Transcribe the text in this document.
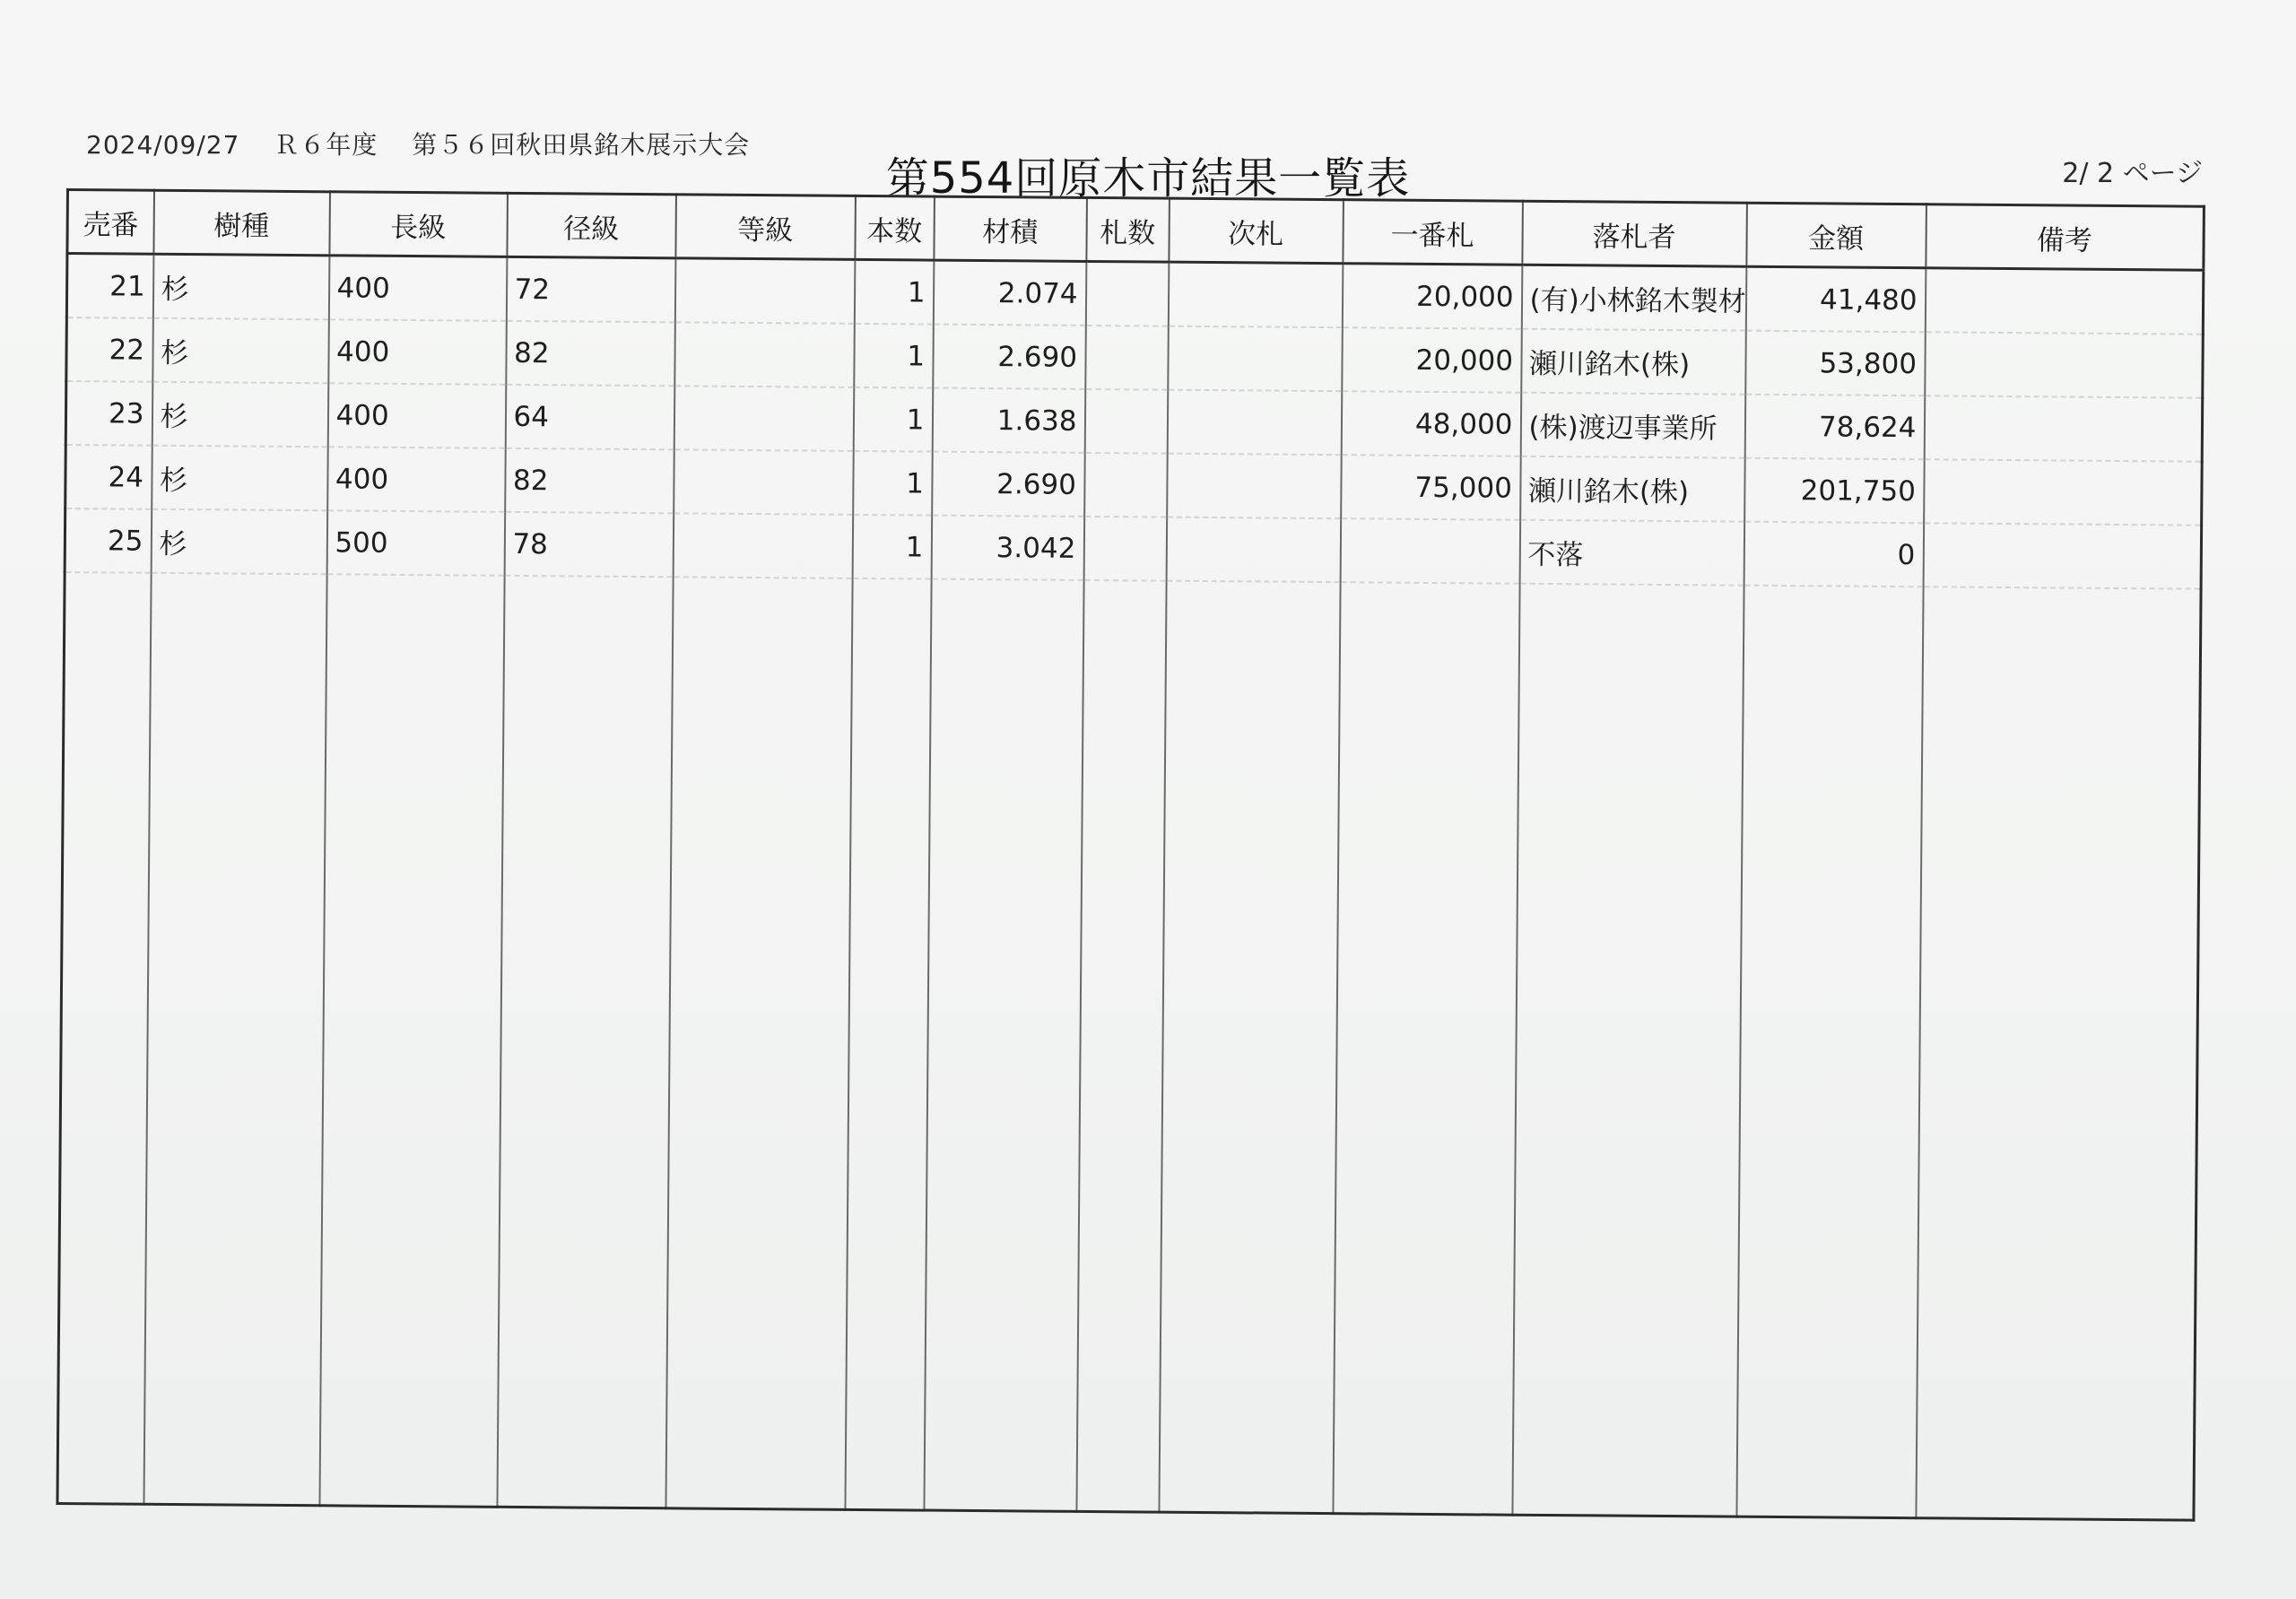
2024/09/27 Ｒ６年度 第５６回秋田県銘木展示大会
第554回原木市結果一覧表	2/ 2 ページ
売番	樹種	長級	径級	等級	本数	材積	札数	次札	一番札	落札者	金額	備考
21	杉	400	72		1	2.074			20,000	(有)小林銘木製材	41,480	
22	杉	400	82		1	2.690			20,000	瀬川銘木(株)	53,800	
23	杉	400	64		1	1.638			48,000	(株)渡辺事業所	78,624	
24	杉	400	82		1	2.690			75,000	瀬川銘木(株)	201,750	
25	杉	500	78		1	3.042				不落	0	
